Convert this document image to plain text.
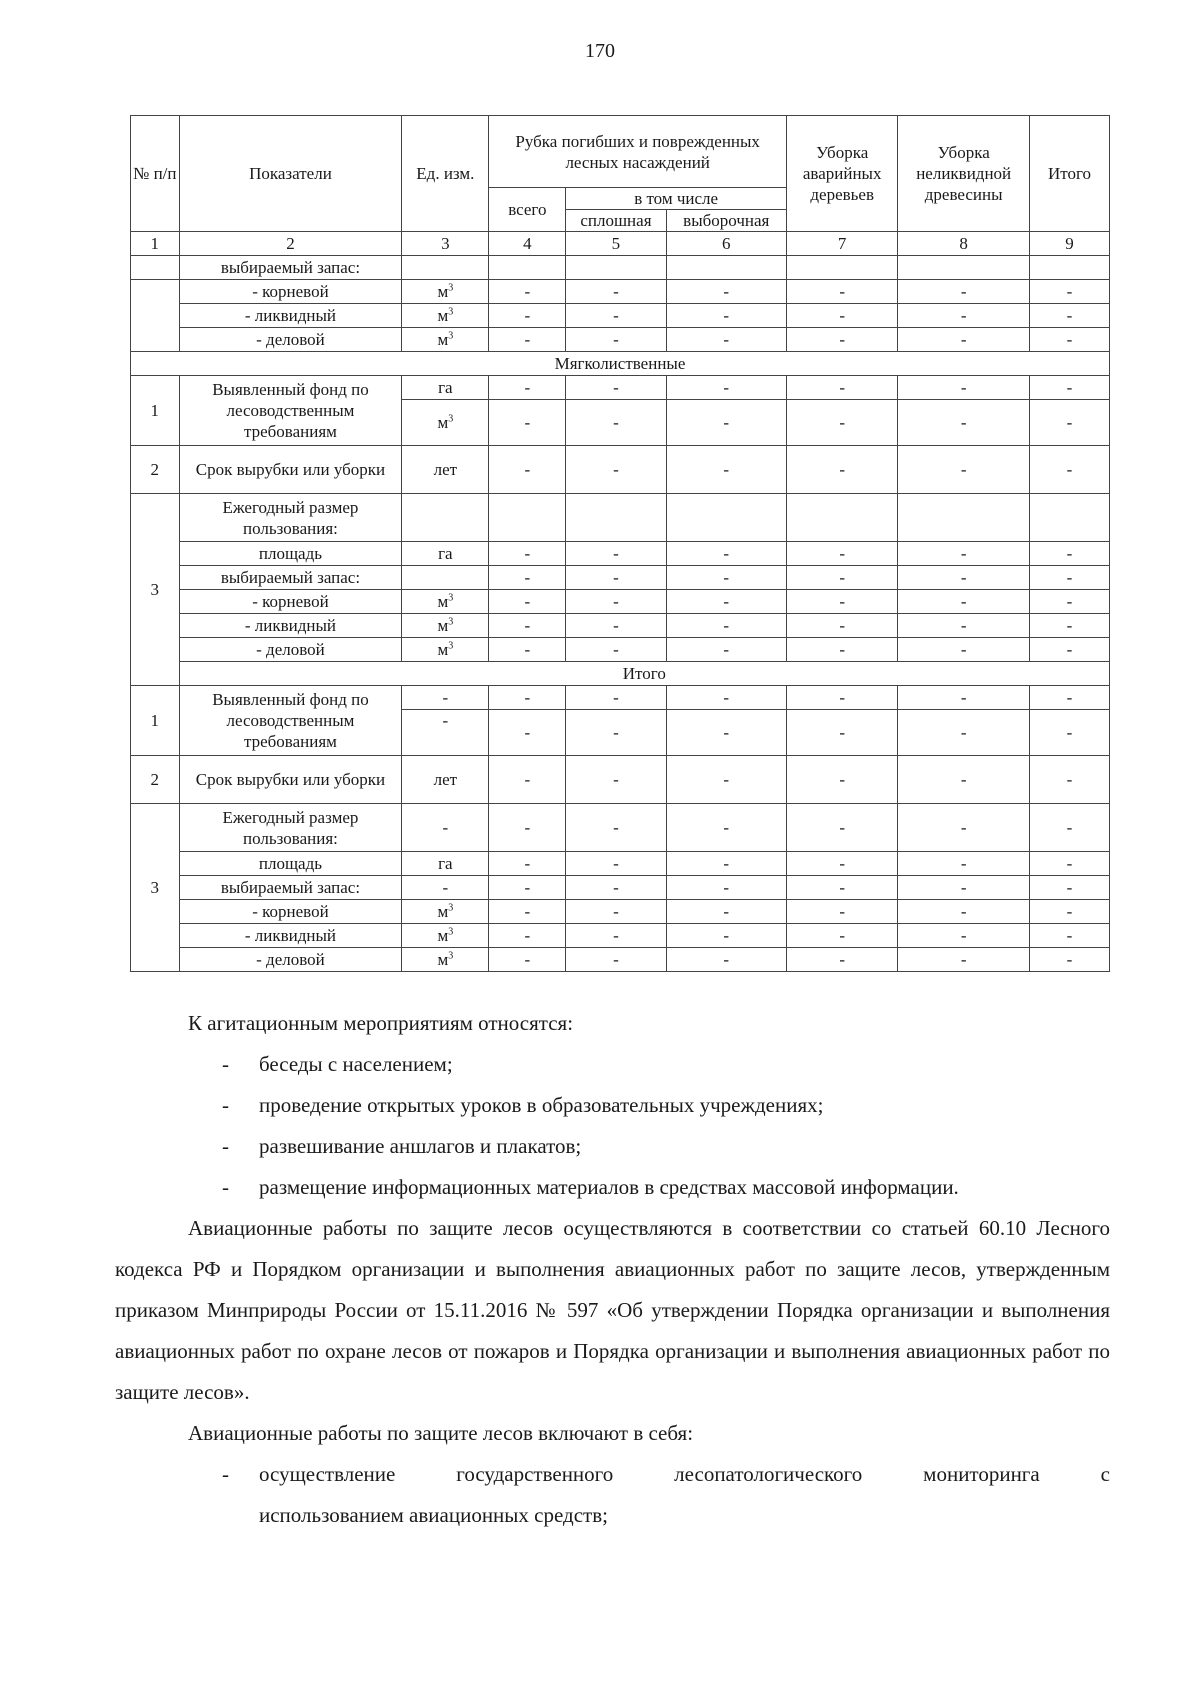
170
№ п/п	Показатели	Ед. изм.	Рубка погибших и поврежденных лесных насаждений			Уборка аварийных деревьев	Уборка неликвидной древесины	Итого
			всего	в том числе				
				сплошная	выборочная			
1	2	3	4	5	6	7	8	9
	выбираемый запас:							
	- корневой	$м^3$	-	-	-	-	-	-
	- ликвидный	$м^3$	-	-	-	-	-	-
	- деловой	$м^3$	-	-	-	-	-	-
Мягколиственные								
1	Выявленный фонд по лесоводственным требованиям	га	-	-	-	-	-	-
		$м^3$	-	-	-	-	-	-
2	Срок вырубки или уборки	лет	-	-	-	-	-	-
3	Ежегодный размер пользования:							
	площадь	га	-	-	-	-	-	-
	выбираемый запас:		-	-	-	-	-	-
	- корневой	$м^3$	-	-	-	-	-	-
	- ликвидный	$м^3$	-	-	-	-	-	-
	- деловой	$м^3$	-	-	-	-	-	-
	Итого							
1	Выявленный фонд по лесоводственным требованиям	-	-	-	-	-	-	-
		-	-	-	-	-	-	-
2	Срок вырубки или уборки	лет	-	-	-	-	-	-
3	Ежегодный размер пользования:	-	-	-	-	-	-	-
	площадь	га	-	-	-	-	-	-
	выбираемый запас:	-	-	-	-	-	-	-
	- корневой	$м^3$	-	-	-	-	-	-
	- ликвидный	$м^3$	-	-	-	-	-	-
	- деловой	$м^3$	-	-	-	-	-	-

К агитационным мероприятиям относятся:

- беседы с населением;

- проведение открытых уроков в образовательных учреждениях;

- развешивание аншлагов и плакатов;

- размещение информационных материалов в средствах массовой информации.

Авиационные работы по защите лесов осуществляются в соответствии со статьей 60.10 Лесного кодекса РФ и Порядком организации и выполнения авиационных работ по защите лесов, утвержденным приказом Минприроды России от 15.11.2016 № 597 «Об утверждении Порядка организации и выполнения авиационных работ по охране лесов от пожаров и Порядка организации и выполнения авиационных работ по защите лесов».

Авиационные работы по защите лесов включают в себя:

- осуществление государственного лесопатологического мониторинга с

использованием авиационных средств;
